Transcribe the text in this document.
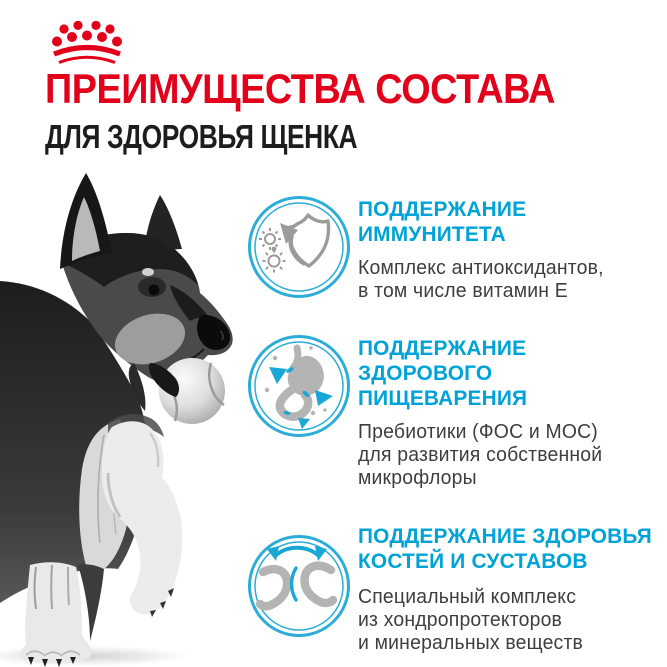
ПРЕИМУЩЕСТВА СОСТАВА
ДЛЯ ЗДОРОВЬЯ ЩЕНКА
ПОДДЕРЖАНИЕ
ИММУНИТЕТА

Комплекс антиоксидантов,
в том числе витамин Е

ПОДДЕРЖАНИЕ
ЗДОРОВОГО
ПИЩЕВАРЕНИЯ

Пребиотики (ФОС и МОС)
для развития собственной
микрофлоры

ПОДДЕРЖАНИЕ ЗДОРОВЬЯ
КОСТЕЙ И СУСТАВОВ

Специальный комплекс
из хондропротекторов
и минеральных веществ
